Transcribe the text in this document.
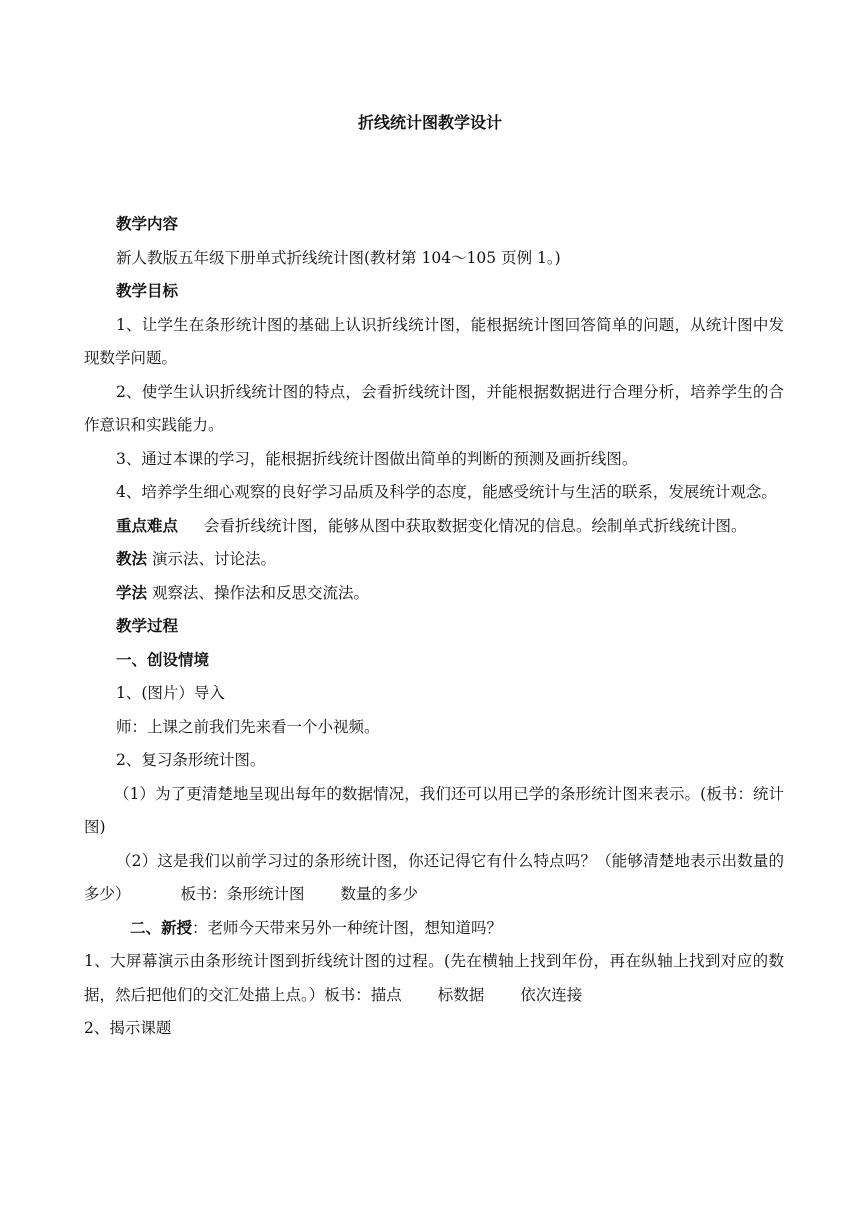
折线统计图教学设计

教学内容

新人教版五年级下册单式折线统计图(教材第 104～105 页例 1。)

教学目标

1、让学生在条形统计图的基础上认识折线统计图，能根据统计图回答简单的问题，从统计图中发现数学问题。

2、使学生认识折线统计图的特点，会看折线统计图，并能根据数据进行合理分析，培养学生的合作意识和实践能力。

3、通过本课的学习，能根据折线统计图做出简单的判断的预测及画折线图。

4、培养学生细心观察的良好学习品质及科学的态度，能感受统计与生活的联系，发展统计观念。

重点难点 会看折线统计图，能够从图中获取数据变化情况的信息。绘制单式折线统计图。

教法 演示法、讨论法。

学法 观察法、操作法和反思交流法。

教学过程

一、创设情境

1、(图片）导入

师：上课之前我们先来看一个小视频。

2、复习条形统计图。

（1）为了更清楚地呈现出每年的数据情况，我们还可以用已学的条形统计图来表示。(板书：统计图)

（2）这是我们以前学习过的条形统计图，你还记得它有什么特点吗？（能够清楚地表示出数量的多少）	板书：条形统计图 数量的多少

二、新授：老师今天带来另外一种统计图，想知道吗？

1、大屏幕演示由条形统计图到折线统计图的过程。(先在横轴上找到年份，再在纵轴上找到对应的数据，然后把他们的交汇处描上点。）板书：描点 标数据 依次连接

2、揭示课题
